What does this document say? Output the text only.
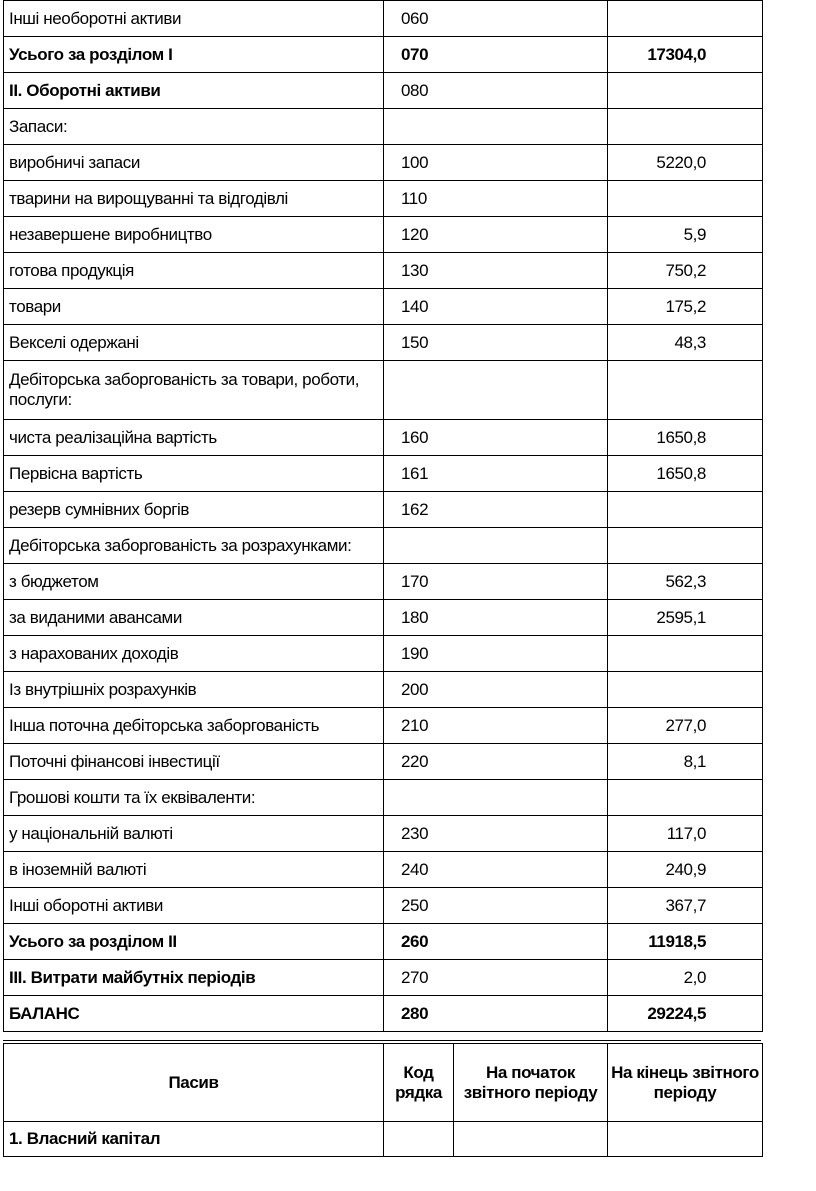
Інші необоротні активи	060	
Усього за розділом І	070	17304,0
ІІ. Оборотні активи	080	
Запаси:		
виробничі запаси	100	5220,0
тварини на вирощуванні та відгодівлі	110	
незавершене виробництво	120	5,9
готова продукція	130	750,2
товари	140	175,2
Векселі одержані	150	48,3
Дебіторська заборгованість за товари, роботи, послуги:		
чиста реалізаційна вартість	160	1650,8
Первісна вартість	161	1650,8
резерв сумнівних боргів	162	
Дебіторська заборгованість за розрахунками:		
з бюджетом	170	562,3
за виданими авансами	180	2595,1
з нарахованих доходів	190	
Із внутрішніх розрахунків	200	
Інша поточна дебіторська заборгованість	210	277,0
Поточні фінансові інвестиції	220	8,1
Грошові кошти та їх еквіваленти:		
у національній валюті	230	117,0
в іноземній валюті	240	240,9
Інші оборотні активи	250	367,7
Усього за розділом ІІ	260	11918,5
ІІІ. Витрати майбутніх періодів	270	2,0
БАЛАНС	280	29224,5
Пасив	Код рядка	На початок звітного періоду	На кінець звітного періоду
1. Власний капітал			
